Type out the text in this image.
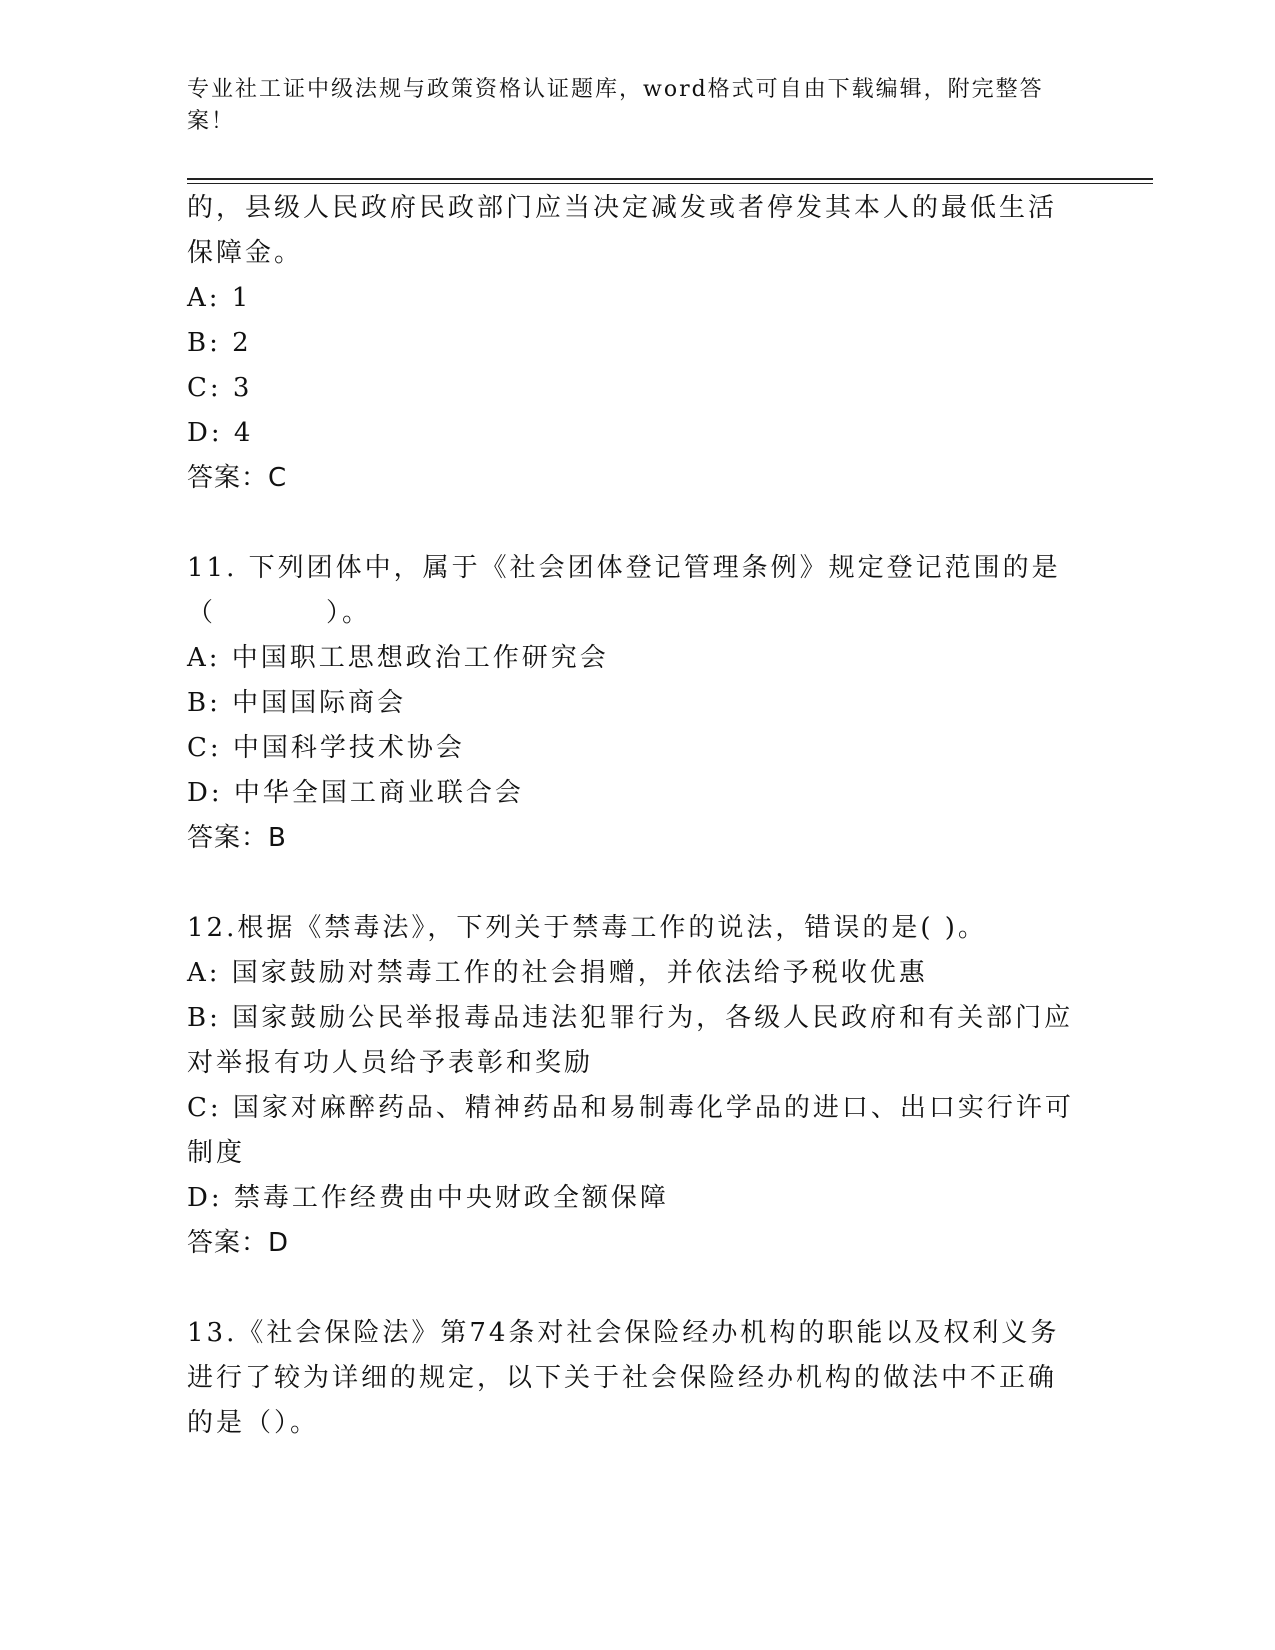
专业社工证中级法规与政策资格认证题库，word格式可自由下载编辑，附完整答案！
的，县级人民政府民政部门应当决定减发或者停发其本人的最低生活
保障金。
A: 1
B: 2
C: 3
D: 4
答案：C
11. 下列团体中，属于《社会团体登记管理条例》规定登记范围的是
（	）。
A: 中国职工思想政治工作研究会
B: 中国国际商会
C: 中国科学技术协会
D: 中华全国工商业联合会
答案：B
12.根据《禁毒法》，下列关于禁毒工作的说法，错误的是( )。
A: 国家鼓励对禁毒工作的社会捐赠，并依法给予税收优惠
B: 国家鼓励公民举报毒品违法犯罪行为，各级人民政府和有关部门应对举报有功人员给予表彰和奖励
C: 国家对麻醉药品、精神药品和易制毒化学品的进口、出口实行许可制度
D: 禁毒工作经费由中央财政全额保障
答案：D
13.《社会保险法》第74条对社会保险经办机构的职能以及权利义务进行了较为详细的规定，以下关于社会保险经办机构的做法中不正确的是（）。
